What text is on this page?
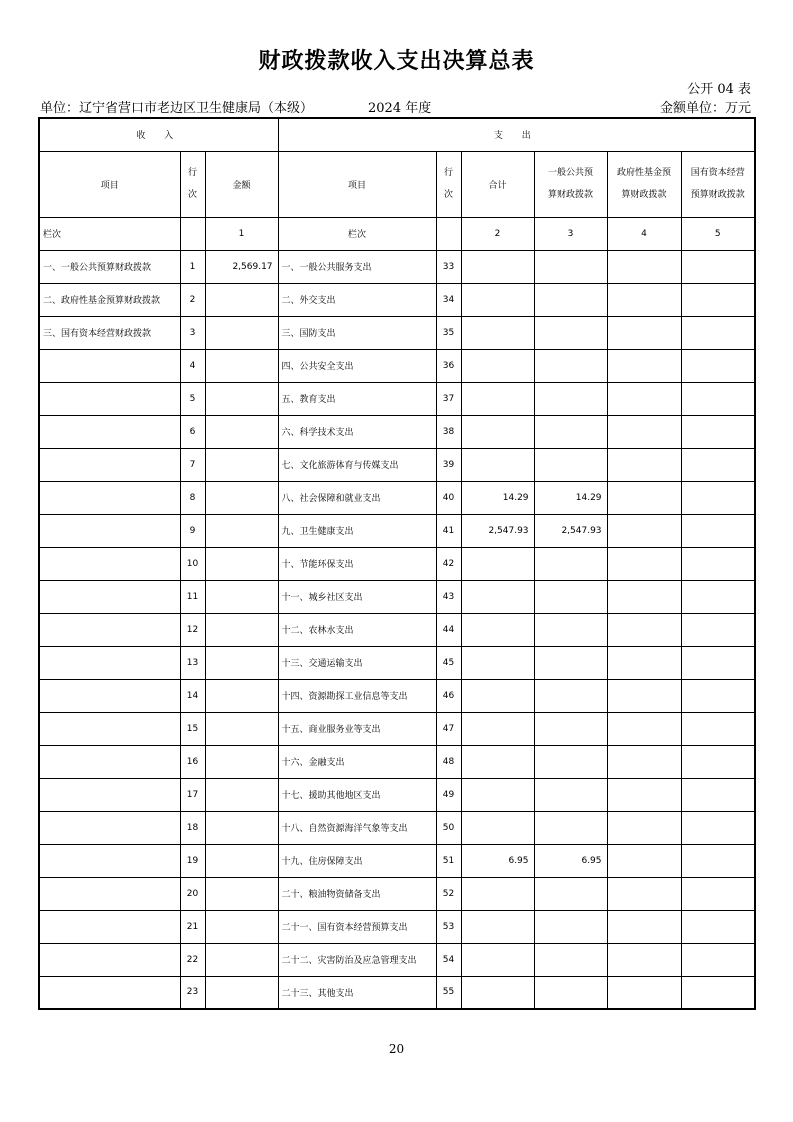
财政拨款收入支出决算总表
公开 04 表
单位：辽宁省营口市老边区卫生健康局（本级）	2024 年度	金额单位：万元
收 入			支 出					
项目	行次	金额	项目	行次	合计	一般公共预算财政拨款	政府性基金预算财政拨款	国有资本经营预算财政拨款
栏次		1	栏次		2	3	4	5
一、一般公共预算财政拨款	1	2,569.17	一、一般公共服务支出	33				
二、政府性基金预算财政拨款	2		二、外交支出	34				
三、国有资本经营财政拨款	3		三、国防支出	35				
	4		四、公共安全支出	36				
	5		五、教育支出	37				
	6		六、科学技术支出	38				
	7		七、文化旅游体育与传媒支出	39				
	8		八、社会保障和就业支出	40	14.29	14.29		
	9		九、卫生健康支出	41	2,547.93	2,547.93		
	10		十、节能环保支出	42				
	11		十一、城乡社区支出	43				
	12		十二、农林水支出	44				
	13		十三、交通运输支出	45				
	14		十四、资源勘探工业信息等支出	46				
	15		十五、商业服务业等支出	47				
	16		十六、金融支出	48				
	17		十七、援助其他地区支出	49				
	18		十八、自然资源海洋气象等支出	50				
	19		十九、住房保障支出	51	6.95	6.95		
	20		二十、粮油物资储备支出	52				
	21		二十一、国有资本经营预算支出	53				
	22		二十二、灾害防治及应急管理支出	54				
	23		二十三、其他支出	55				
20
